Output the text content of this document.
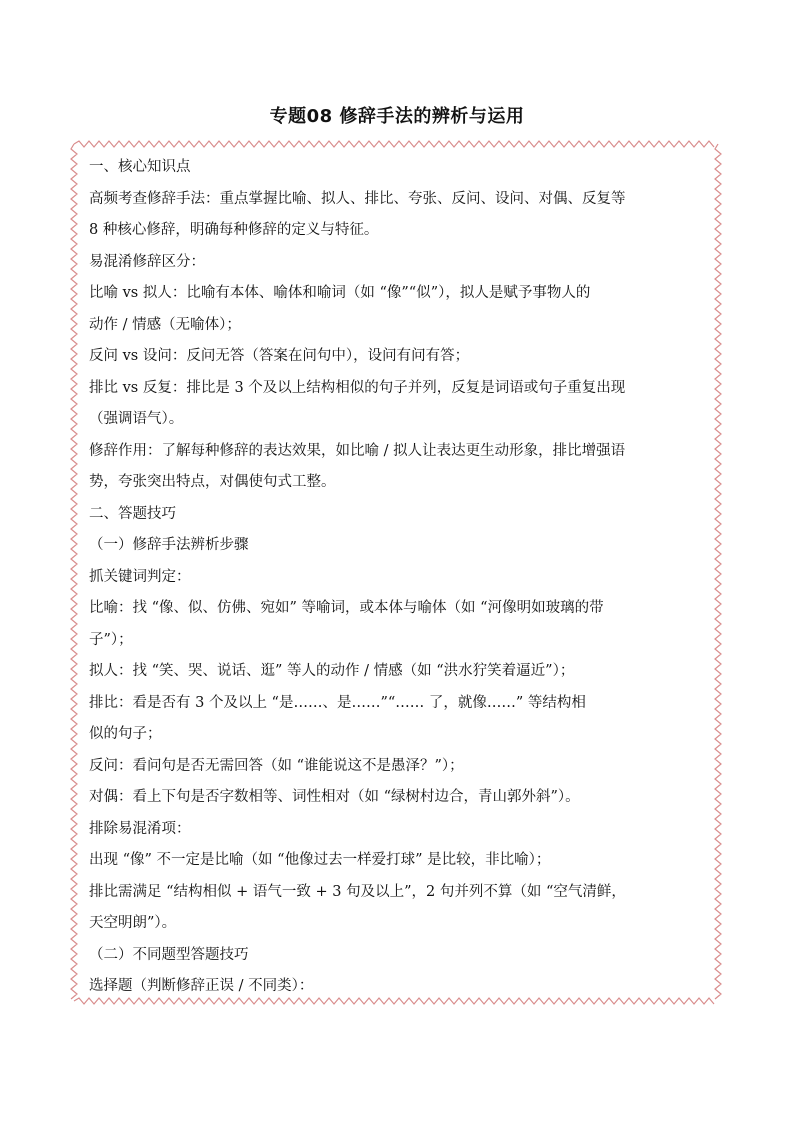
专题08 修辞手法的辨析与运用
一、核心知识点
高频考查修辞手法：重点掌握比喻、拟人、排比、夸张、反问、设问、对偶、反复等
8 种核心修辞，明确每种修辞的定义与特征。
易混淆修辞区分：
比喻 vs 拟人：比喻有本体、喻体和喻词（如 “像”“似”），拟人是赋予事物人的
动作 / 情感（无喻体）；
反问 vs 设问：反问无答（答案在问句中），设问有问有答；
排比 vs 反复：排比是 3 个及以上结构相似的句子并列，反复是词语或句子重复出现
（强调语气）。
修辞作用：了解每种修辞的表达效果，如比喻 / 拟人让表达更生动形象，排比增强语
势，夸张突出特点，对偶使句式工整。
二、答题技巧
（一）修辞手法辨析步骤
抓关键词判定：
比喻：找 “像、似、仿佛、宛如” 等喻词，或本体与喻体（如 “河像明如玻璃的带
子”）；
拟人：找 “笑、哭、说话、逛” 等人的动作 / 情感（如 “洪水狞笑着逼近”）；
排比：看是否有 3 个及以上 “是……、是……”“…… 了，就像……” 等结构相
似的句子；
反问：看问句是否无需回答（如 “谁能说这不是愚泽？”）；
对偶：看上下句是否字数相等、词性相对（如 “绿树村边合，青山郭外斜”）。
排除易混淆项：
出现 “像” 不一定是比喻（如 “他像过去一样爱打球” 是比较，非比喻）；
排比需满足 “结构相似 + 语气一致 + 3 句及以上”，2 句并列不算（如 “空气清鲜，
天空明朗”）。
（二）不同题型答题技巧
选择题（判断修辞正误 / 不同类）：
